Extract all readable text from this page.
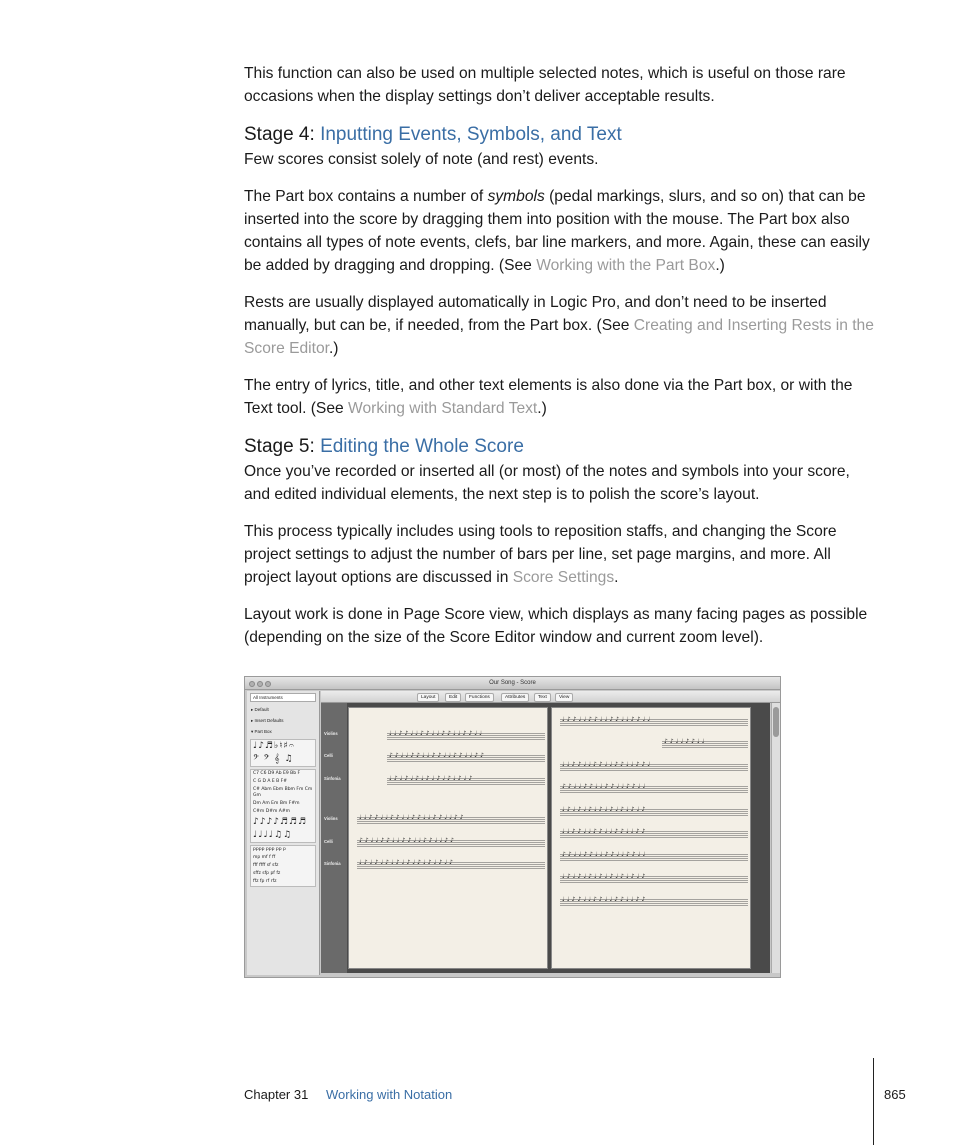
This function can also be used on multiple selected notes, which is useful on those rare occasions when the display settings don’t deliver acceptable results.

Stage 4: Inputting Events, Symbols, and Text

Few scores consist solely of note (and rest) events.

The Part box contains a number of symbols (pedal markings, slurs, and so on) that can be inserted into the score by dragging them into position with the mouse. The Part box also contains all types of note events, clefs, bar line markers, and more. Again, these can easily be added by dragging and dropping. (See Working with the Part Box.)

Rests are usually displayed automatically in Logic Pro, and don’t need to be inserted manually, but can be, if needed, from the Part box. (See Creating and Inserting Rests in the Score Editor.)

The entry of lyrics, title, and other text elements is also done via the Part box, or with the Text tool. (See Working with Standard Text.)

Stage 5: Editing the Whole Score

Once you’ve recorded or inserted all (or most) of the notes and symbols into your score, and edited individual elements, the next step is to polish the score’s layout.

This process typically includes using tools to reposition staffs, and changing the Score project settings to adjust the number of bars per line, set page margins, and more. All project layout options are discussed in Score Settings.

Layout work is done in Page Score view, which displays as many facing pages as possible (depending on the size of the Score Editor window and current zoom level).

Our Song - Score
All Instruments
▸ Default
▸ Insert Defaults
▾ Part Box
♩♪♬♭♮♯𝄐
𝄢 𝄢 𝄞 ♫
C7 C6 D9 Ab E9 Bb F
C G D A E B F#
C# Abm Ebm Bbm Fm Cm Gm
Dm Am Em Bm F#m
C#m D#m A#m
♪♪♪♪♬♬♬
♩♩♩♩♫♫
pppp ppp pp p
mp mf f ff
fff ffff sf sfz
sffz sfp pf fz
ffz fp rf rfz
Layout	Edit	Functions	Attributes	Text	View
Violins
Celli
Sinfonia
Violins
Celli
Sinfonia
♩♩♪♪♩♩♪♪♩♩♪♪♩♩♪♪♩♩
♪♪♩♩♪♪♩♩♪♪♩♩♪♪♩♩♪♪
♩♪♩♪♩♪♩♪♩♪♩♪♩♪♩♪
♩♩♪♪♩♩♪♪♩♩♪♪♩♩♪♪♩♩♪♪
♪♪♩♩♪♪♩♩♪♪♩♩♪♪♩♩♪♪
♩♪♩♪♩♪♩♪♩♪♩♪♩♪♩♪♩♪
♩♪♪♩♩♪♪♩♩♪♪♩♩♪♪♩♩
♪♪♩♩♪♪♩♩
♩♩♪♪♩♩♪♪♩♩♪♪♩♩♪♪♩
♪♪♩♩♪♪♩♩♪♪♩♩♪♪♩♩
♩♪♩♪♩♪♩♪♩♪♩♪♩♪♩♪
♩♩♪♪♩♩♪♪♩♩♪♪♩♩♪♪
♪♪♩♩♪♪♩♩♪♪♩♩♪♪♩♩
♩♪♩♪♩♪♩♪♩♪♩♪♩♪♩♪
♩♩♪♪♩♩♪♪♩♩♪♪♩♩♪♪
Chapter 31 Working with Notation	865
